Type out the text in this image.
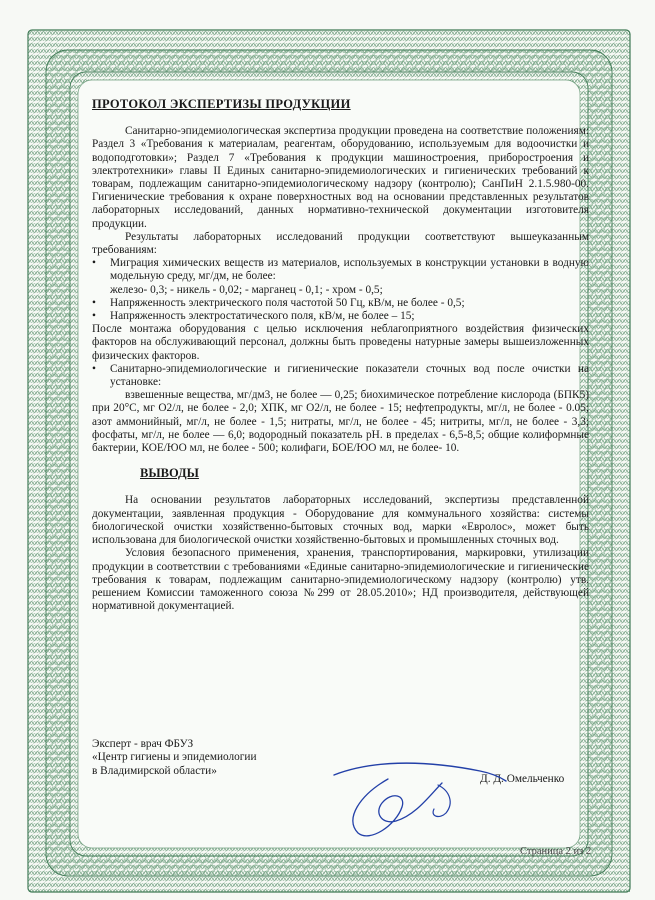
ПРОТОКОЛ ЭКСПЕРТИЗЫ ПРОДУКЦИИ

Санитарно-эпидемиологическая экспертиза продукции проведена на соответствие положениям: Раздел 3 «Требования к материалам, реагентам, оборудованию, используемым для водоочистки и водоподготовки»; Раздел 7 «Требования к продукции машиностроения, приборостроения и электротехники» главы II Единых санитарно-эпидемиологических и гигиенических требований к товарам, подлежащим санитарно-эпидемиологическому надзору (контролю); СанПиН 2.1.5.980-00. Гигиенические требования к охране поверхностных вод на основании представленных результатов лабораторных исследований, данных нормативно-технической документации изготовителя продукции.

Результаты лабораторных исследований продукции соответствуют вышеуказанным требованиям:

• Миграция химических веществ из материалов, используемых в конструкции установки в водную модельную среду, мг/дм, не более:

железо- 0,3; - никель - 0,02; - марганец - 0,1; - хром - 0,5;

• Напряженность электрического поля частотой 50 Гц, кВ/м, не более - 0,5;

• Напряженность электростатического поля, кВ/м, не более – 15;

После монтажа оборудования с целью исключения неблагоприятного воздействия физических факторов на обслуживающий персонал, должны быть проведены натурные замеры вышеизложенных физических факторов.

• Санитарно-эпидемиологические и гигиенические показатели сточных вод после очистки на установке:

взвешенные вещества, мг/дм3, не более — 0,25; биохимическое потребление кислорода (БПК5) при 20°С, мг О2/л, не более - 2,0; ХПК, мг О2/л, не более - 15; нефтепродукты, мг/л, не более - 0.05; азот аммонийный, мг/л, не более - 1,5; нитраты, мг/л, не более - 45; нитриты, мг/л, не более - 3,3; фосфаты, мг/л, не более — 6,0; водородный показатель рН. в пределах - 6,5-8,5; общие колиформные бактерии, КОЕ/ЮО мл, не более - 500; колифаги, БОЕ/ЮО мл, не более- 10.

ВЫВОДЫ

На основании результатов лабораторных исследований, экспертизы представленной документации, заявленная продукция - Оборудование для коммунального хозяйства: системы биологической очистки хозяйственно-бытовых сточных вод, марки «Евролос», может быть использована для биологической очистки хозяйственно-бытовых и промышленных сточных вод.

Условия безопасного применения, хранения, транспортирования, маркировки, утилизации продукции в соответствии с требованиями «Единые санитарно-эпидемиологические и гигиенические требования к товарам, подлежащим санитарно-эпидемиологическому надзору (контролю) утв. решением Комиссии таможенного союза №299 от 28.05.2010»; НД производителя, действующей нормативной документацией.

Эксперт - врач ФБУЗ
«Центр гигиены и эпидемиологии
в Владимирской области»
Д. Д. Омельченко
Страница 2 из 2
